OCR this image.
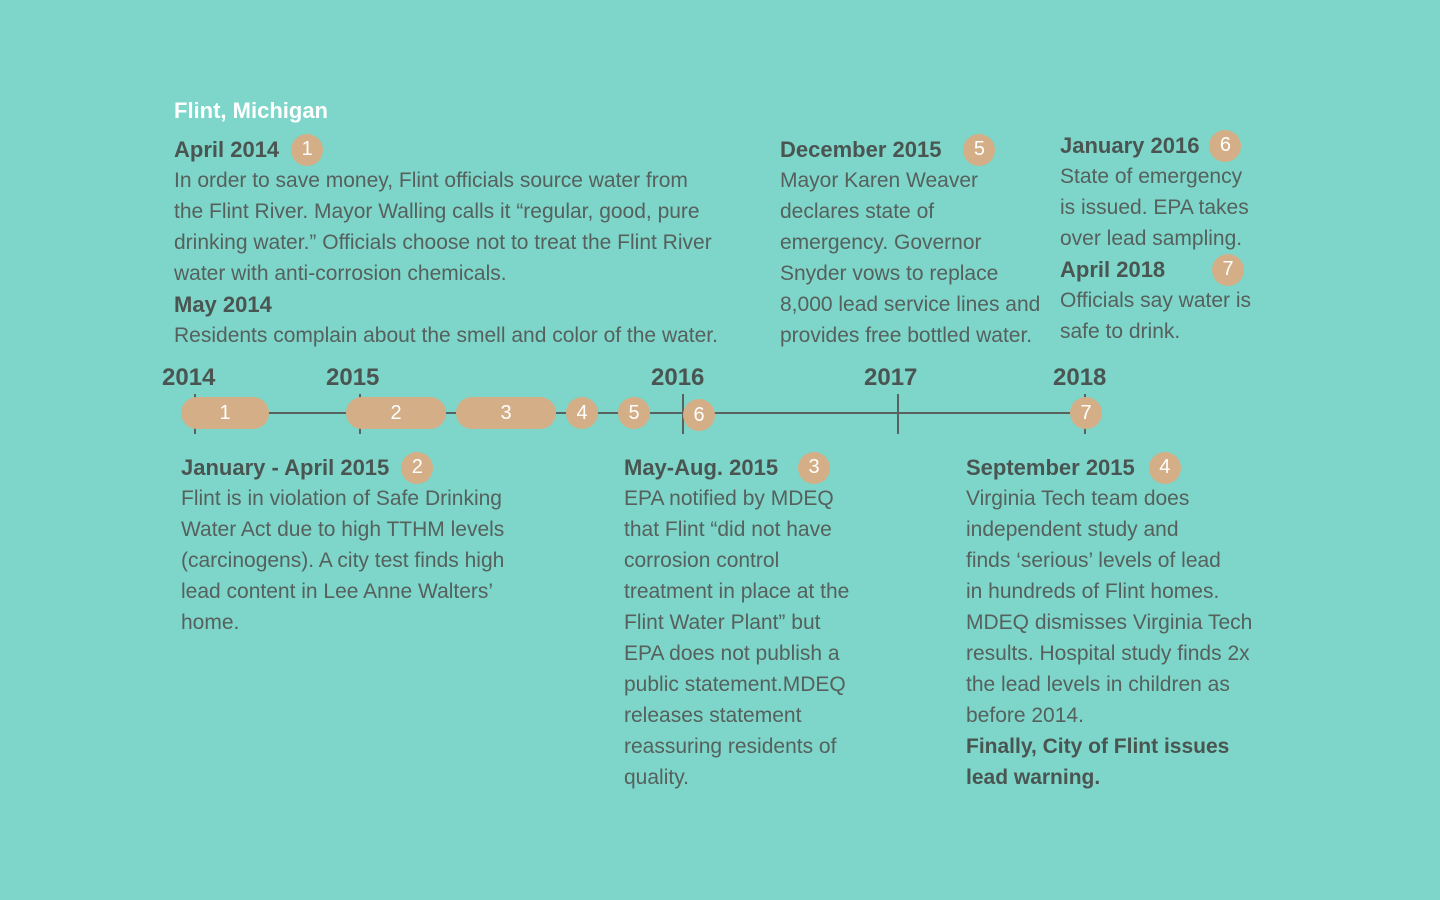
Flint, Michigan
April 2014	1
In order to save money, Flint officials source water from
the Flint River. Mayor Walling calls it “regular, good, pure
drinking water.” Officials choose not to treat the Flint River
water with anti-corrosion chemicals.
May 2014
Residents complain about the smell and color of the water.
December 2015	5
Mayor Karen Weaver
declares state of
emergency. Governor
Snyder vows to replace
8,000 lead service lines and
provides free bottled water.
January 2016	6
State of emergency
is issued. EPA takes
over lead sampling.
April 2018	7
Officials say water is
safe to drink.
2014	2015	2016	2017	2018
1	2	3	4	5	6	7
January - April 2015	2
Flint is in violation of Safe Drinking
Water Act due to high TTHM levels
(carcinogens). A city test finds high
lead content in Lee Anne Walters’
home.
May-Aug. 2015	3
EPA notified by MDEQ
that Flint “did not have
corrosion control
treatment in place at the
Flint Water Plant” but
EPA does not publish a
public statement.MDEQ
releases statement
reassuring residents of
quality.
September 2015	4
Virginia Tech team does
independent study and
finds ‘serious’ levels of lead
in hundreds of Flint homes.
MDEQ dismisses Virginia Tech
results. Hospital study finds 2x
the lead levels in children as
before 2014.
Finally, City of Flint issues
lead warning.
